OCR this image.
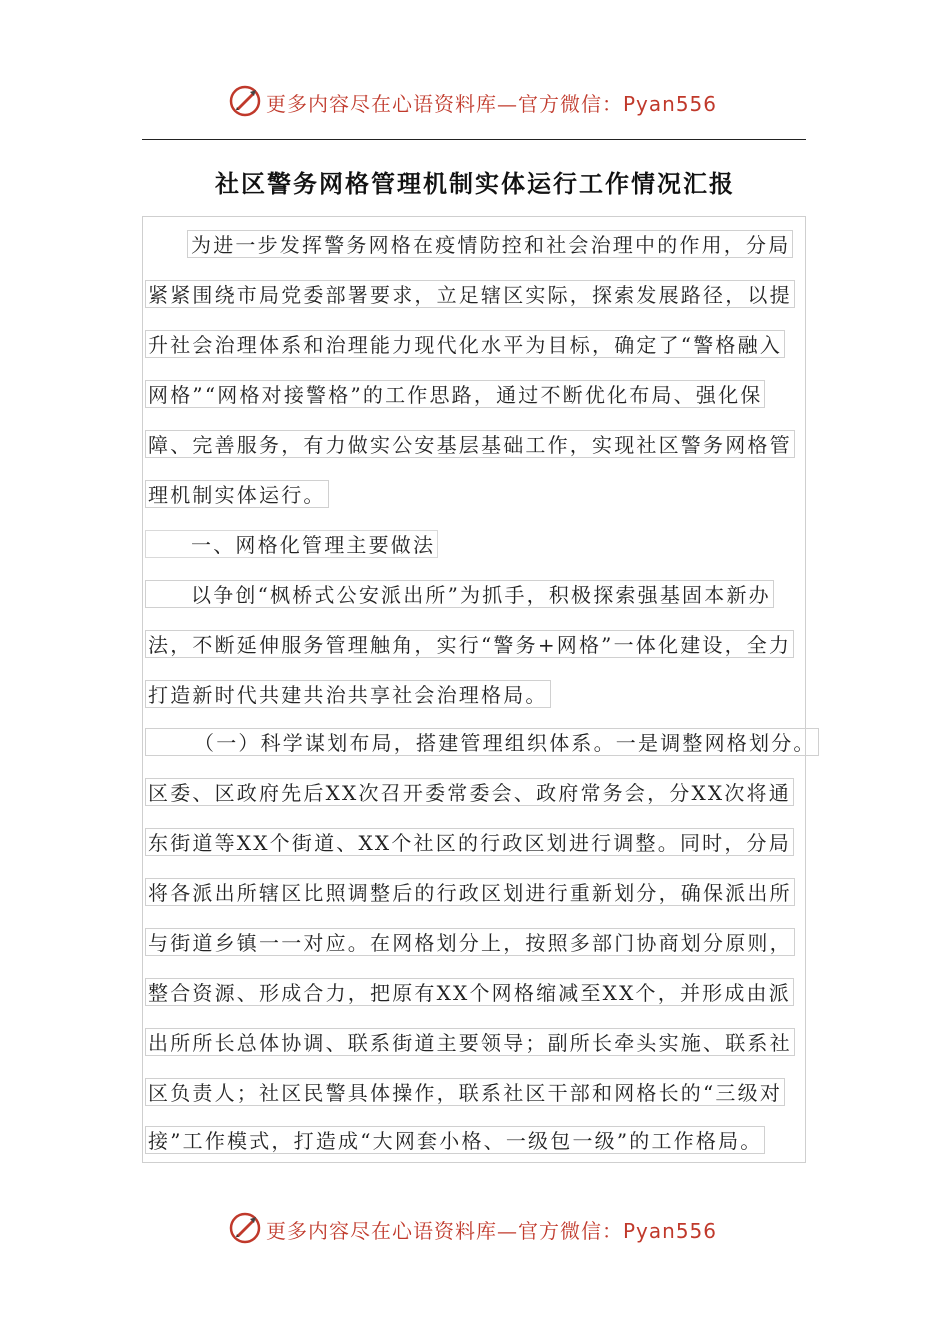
更多内容尽在心语资料库—官方微信：Pyan556
社区警务网格管理机制实体运行工作情况汇报
为进一步发挥警务网格在疫情防控和社会治理中的作用，分局
紧紧围绕市局党委部署要求，立足辖区实际，探索发展路径，以提
升社会治理体系和治理能力现代化水平为目标，确定了“警格融入
网格”“网格对接警格”的工作思路，通过不断优化布局、强化保
障、完善服务，有力做实公安基层基础工作，实现社区警务网格管
理机制实体运行。
一、网格化管理主要做法
以争创“枫桥式公安派出所”为抓手，积极探索强基固本新办
法，不断延伸服务管理触角，实行“警务+网格”一体化建设，全力
打造新时代共建共治共享社会治理格局。
（一）科学谋划布局，搭建管理组织体系。一是调整网格划分。
区委、区政府先后XX次召开委常委会、政府常务会，分XX次将通
东街道等XX个街道、XX个社区的行政区划进行调整。同时，分局
将各派出所辖区比照调整后的行政区划进行重新划分，确保派出所
与街道乡镇一一对应。在网格划分上，按照多部门协商划分原则，
整合资源、形成合力，把原有XX个网格缩减至XX个，并形成由派
出所所长总体协调、联系街道主要领导；副所长牵头实施、联系社
区负责人；社区民警具体操作，联系社区干部和网格长的“三级对
接”工作模式，打造成“大网套小格、一级包一级”的工作格局。
更多内容尽在心语资料库—官方微信：Pyan556
